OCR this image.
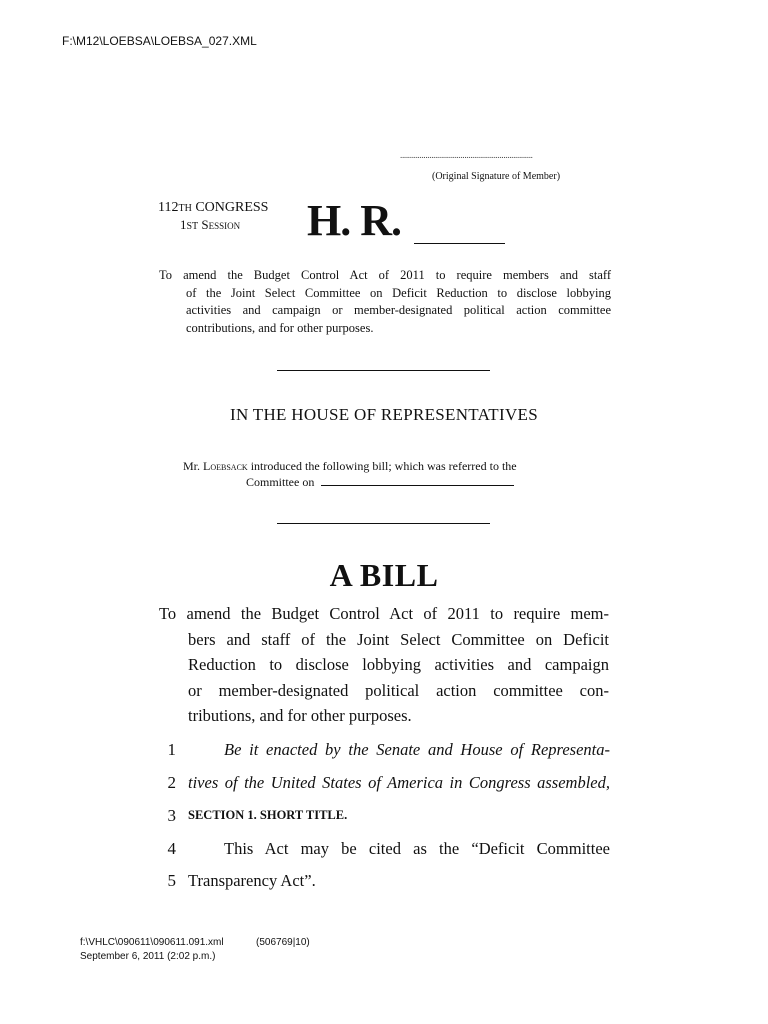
F:\M12\LOEBSA\LOEBSA_027.XML
....................................................................
(Original Signature of Member)
112TH CONGRESS
1ST Session	H. R.
To amend the Budget Control Act of 2011 to require members and staff
of the Joint Select Committee on Deficit Reduction to disclose lobbying
activities and campaign or member-designated political action committee
contributions, and for other purposes.
IN THE HOUSE OF REPRESENTATIVES
Mr. Loebsack introduced the following bill; which was referred to the
Committee on
A BILL
To amend the Budget Control Act of 2011 to require mem-
bers and staff of the Joint Select Committee on Deficit
Reduction to disclose lobbying activities and campaign
or member-designated political action committee con-
tributions, and for other purposes.
1	Be it enacted by the Senate and House of Representa-
2 tives of the United States of America in Congress assembled,
3 SECTION 1. SHORT TITLE.
4	This Act may be cited as the “Deficit Committee
5 Transparency Act”.
f:\VHLC\090611\090611.091.xml	(506769|10)
September 6, 2011 (2:02 p.m.)
